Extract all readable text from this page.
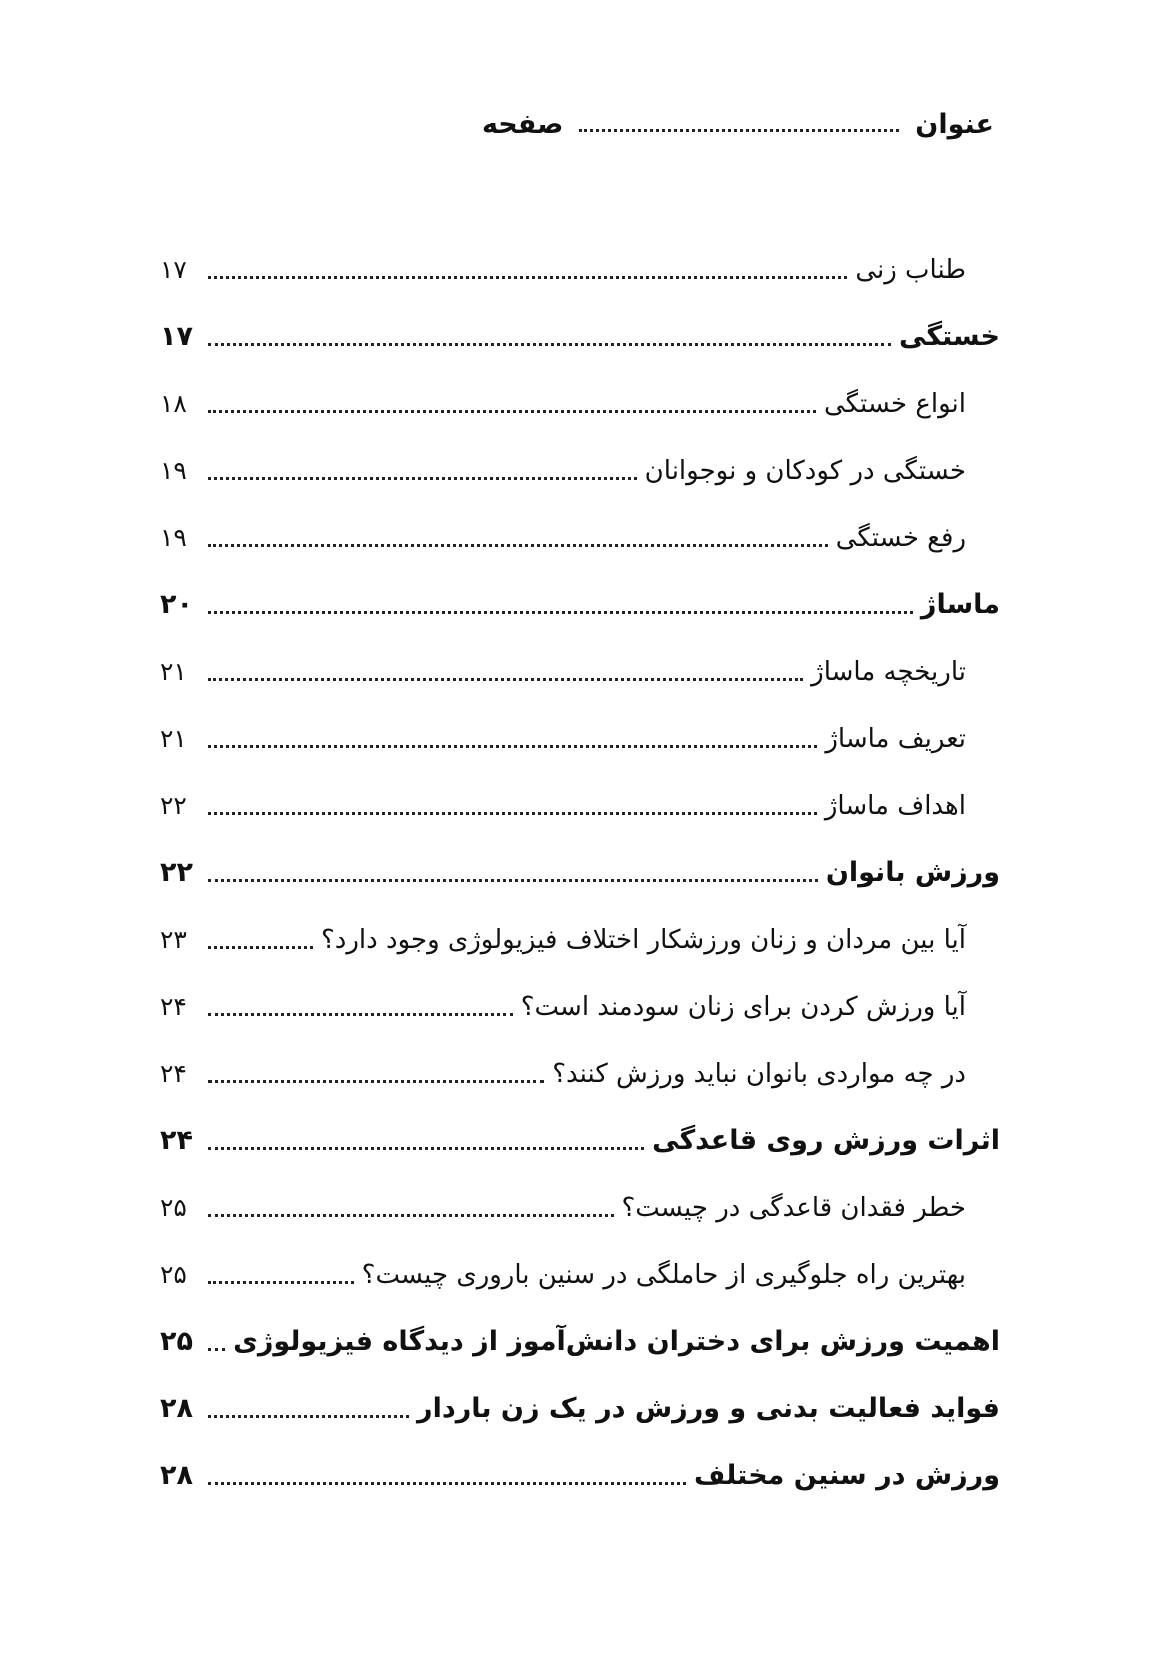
صفحه	عنوان
طناب زنی
۱۷
خستگی
۱۷
انواع خستگی
۱۸
خستگی در کودکان و نوجوانان
۱۹
رفع خستگی
۱۹
ماساژ
۲۰
تاریخچه ماساژ
۲۱
تعریف ماساژ
۲۱
اهداف ماساژ
۲۲
ورزش بانوان
۲۲
آیا بین مردان و زنان ورزشکار اختلاف فیزیولوژی وجود دارد؟
۲۳
آیا ورزش کردن برای زنان سودمند است؟
۲۴
در چه مواردی بانوان نباید ورزش کنند؟
۲۴
اثرات ورزش روی قاعدگی
۲۴
خطر فقدان قاعدگی در چیست؟
۲۵
بهترین راه جلوگیری از حاملگی در سنین باروری چیست؟
۲۵
اهمیت ورزش برای دختران دانش‌آموز از دیدگاه فیزیولوژی
۲۵
فواید فعالیت بدنی و ورزش در یک زن باردار
۲۸
ورزش در سنین مختلف
۲۸
